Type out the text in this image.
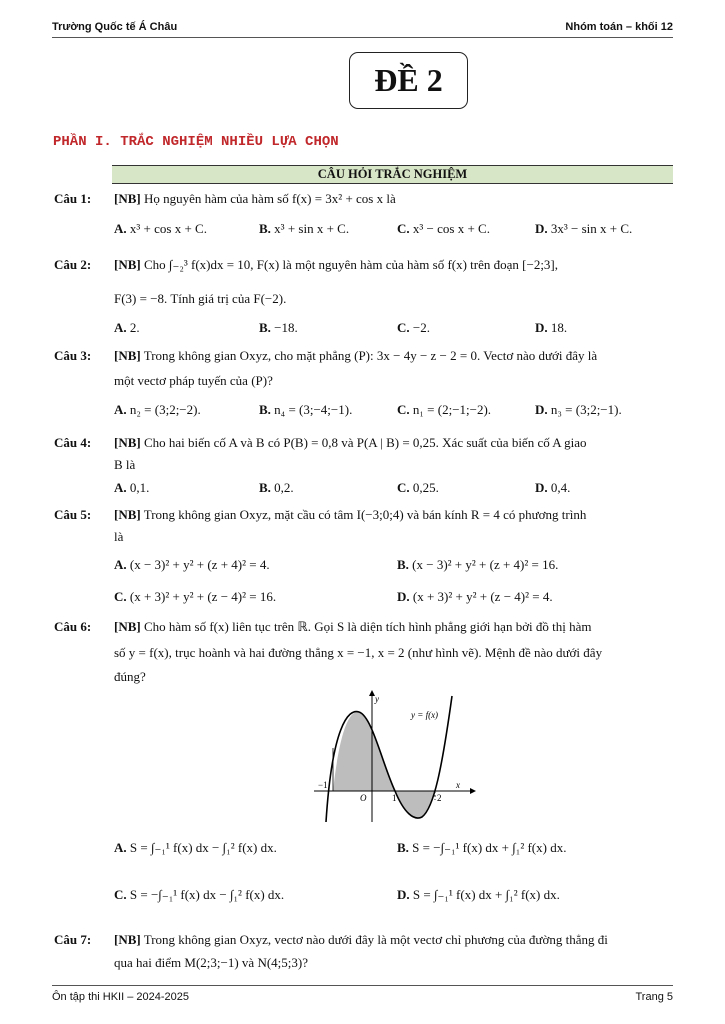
Trường Quốc tế Á Châu	Nhóm toán – khối 12
ĐỀ 2
PHẦN I. TRẮC NGHIỆM NHIỀU LỰA CHỌN
CÂU HỎI TRẮC NGHIỆM
Câu 1: [NB] Họ nguyên hàm của hàm số f(x) = 3x² + cos x là
A. x³ + cos x + C.	B. x³ + sin x + C.	C. x³ − cos x + C.	D. 3x³ − sin x + C.
Câu 2: [NB] Cho ∫₋₂³ f(x)dx = 10, F(x) là một nguyên hàm của hàm số f(x) trên đoạn [−2;3],
F(3) = −8. Tính giá trị của F(−2).
A. 2.	B. −18.	C. −2.	D. 18.
Câu 3: [NB] Trong không gian Oxyz, cho mặt phẳng (P): 3x − 4y − z − 2 = 0. Vectơ nào dưới đây là
một vectơ pháp tuyến của (P)?
A. n₂ = (3;2;−2).	B. n₄ = (3;−4;−1).	C. n₁ = (2;−1;−2).	D. n₃ = (3;2;−1).
Câu 4: [NB] Cho hai biến cố A và B có P(B) = 0,8 và P(A | B) = 0,25. Xác suất của biến cố A giao
B là
A. 0,1.	B. 0,2.	C. 0,25.	D. 0,4.
Câu 5: [NB] Trong không gian Oxyz, mặt cầu có tâm I(−3;0;4) và bán kính R = 4 có phương trình
là
A. (x − 3)² + y² + (z + 4)² = 4.	B. (x − 3)² + y² + (z + 4)² = 16.
C. (x + 3)² + y² + (z − 4)² = 16.	D. (x + 3)² + y² + (z − 4)² = 4.
Câu 6: [NB] Cho hàm số f(x) liên tục trên ℝ. Gọi S là diện tích hình phẳng giới hạn bởi đồ thị hàm
số y = f(x), trục hoành và hai đường thẳng x = −1, x = 2 (như hình vẽ). Mệnh đề nào dưới đây
đúng?
y
y = f(x)
x
O
−1
1	2
A. S = ∫₋₁¹ f(x) dx − ∫₁² f(x) dx.	B. S = −∫₋₁¹ f(x) dx + ∫₁² f(x) dx.
C. S = −∫₋₁¹ f(x) dx − ∫₁² f(x) dx.	D. S = ∫₋₁¹ f(x) dx + ∫₁² f(x) dx.
Câu 7: [NB] Trong không gian Oxyz, vectơ nào dưới đây là một vectơ chỉ phương của đường thẳng đi
qua hai điểm M(2;3;−1) và N(4;5;3)?
Ôn tập thi HKII – 2024-2025	Trang 5
